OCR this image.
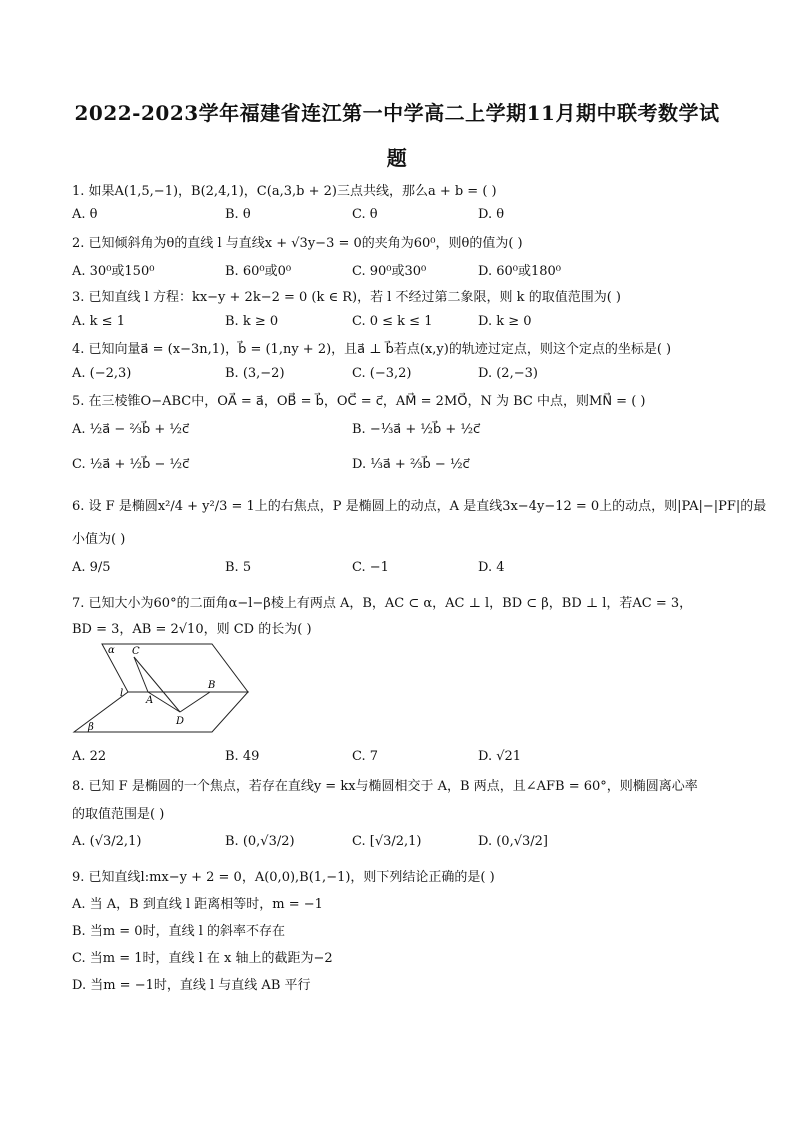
2022-2023学年福建省连江第一中学高二上学期11月期中联考数学试
题
1. 如果A(1,5,−1)，B(2,4,1)，C(a,3,b + 2)三点共线，那么a + b = ( )
A. θ	B. θ	C. θ	D. θ
2. 已知倾斜角为θ的直线 l 与直线x + √3y−3 = 0的夹角为60⁰，则θ的值为( )
A. 30⁰或150⁰	B. 60⁰或0⁰	C. 90⁰或30⁰	D. 60⁰或180⁰
3. 已知直线 l 方程：kx−y + 2k−2 = 0 (k ∈ R)，若 l 不经过第二象限，则 k 的取值范围为( )
A. k ≤ 1	B. k ≥ 0	C. 0 ≤ k ≤ 1	D. k ≥ 0
4. 已知向量a⃗ = (x−3n,1)，b⃗ = (1,ny + 2)，且a⃗ ⊥ b⃗若点(x,y)的轨迹过定点，则这个定点的坐标是( )
A. (−2,3)	B. (3,−2)	C. (−3,2)	D. (2,−3)
5. 在三棱锥O−ABC中，OA⃗ = a⃗，OB⃗ = b⃗，OC⃗ = c⃗，AM⃗ = 2MO⃗，N 为 BC 中点，则MN⃗ = ( )
A. ½a⃗ − ⅔b⃗ + ½c⃗	B. −⅓a⃗ + ½b⃗ + ½c⃗
C. ½a⃗ + ½b⃗ − ½c⃗	D. ⅓a⃗ + ⅔b⃗ − ½c⃗
6. 设 F 是椭圆x²/4 + y²/3 = 1上的右焦点，P 是椭圆上的动点，A 是直线3x−4y−12 = 0上的动点，则|PA|−|PF|的最
小值为( )
A. 9/5	B. 5	C. −1	D. 4
7. 已知大小为60°的二面角α−l−β棱上有两点 A，B，AC ⊂ α，AC ⊥ l，BD ⊂ β，BD ⊥ l，若AC = 3，
BD = 3，AB = 2√10，则 CD 的长为( )
α C
l
A
B
D
β
A. 22	B. 49	C. 7	D. √21
8. 已知 F 是椭圆的一个焦点，若存在直线y = kx与椭圆相交于 A，B 两点，且∠AFB = 60°，则椭圆离心率
的取值范围是( )
A. (√3/2,1)	B. (0,√3/2)	C. [√3/2,1)	D. (0,√3/2]
9. 已知直线l:mx−y + 2 = 0，A(0,0),B(1,−1)，则下列结论正确的是( )
A. 当 A，B 到直线 l 距离相等时，m = −1
B. 当m = 0时，直线 l 的斜率不存在
C. 当m = 1时，直线 l 在 x 轴上的截距为−2
D. 当m = −1时，直线 l 与直线 AB 平行
